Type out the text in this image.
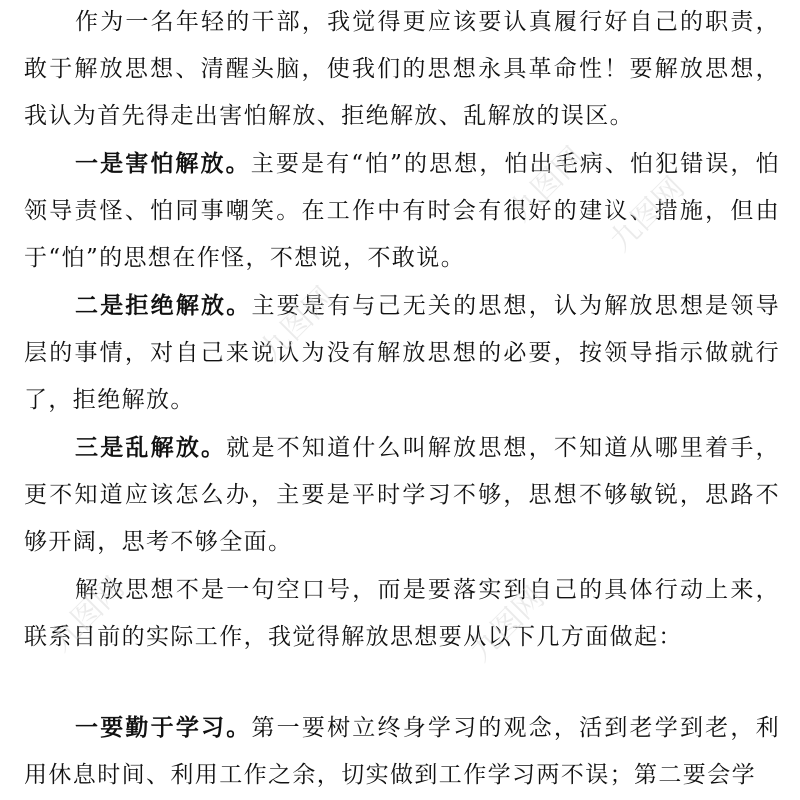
作为一名年轻的干部，我觉得更应该要认真履行好自己的职责，敢于解放思想、清醒头脑，使我们的思想永具革命性！要解放思想，我认为首先得走出害怕解放、拒绝解放、乱解放的误区。

一是害怕解放。主要是有“怕”的思想，怕出毛病、怕犯错误，怕领导责怪、怕同事嘲笑。在工作中有时会有很好的建议、措施，但由于“怕”的思想在作怪，不想说，不敢说。

二是拒绝解放。主要是有与己无关的思想，认为解放思想是领导层的事情，对自己来说认为没有解放思想的必要，按领导指示做就行了，拒绝解放。

三是乱解放。就是不知道什么叫解放思想，不知道从哪里着手，更不知道应该怎么办，主要是平时学习不够，思想不够敏锐，思路不够开阔，思考不够全面。

解放思想不是一句空口号，而是要落实到自己的具体行动上来，联系目前的实际工作，我觉得解放思想要从以下几方面做起：

一要勤于学习。第一要树立终身学习的观念，活到老学到老，利用休息时间、利用工作之余，切实做到工作学习两不误；第二要会学

九图网 九图网
九图网
九图网	九图网
